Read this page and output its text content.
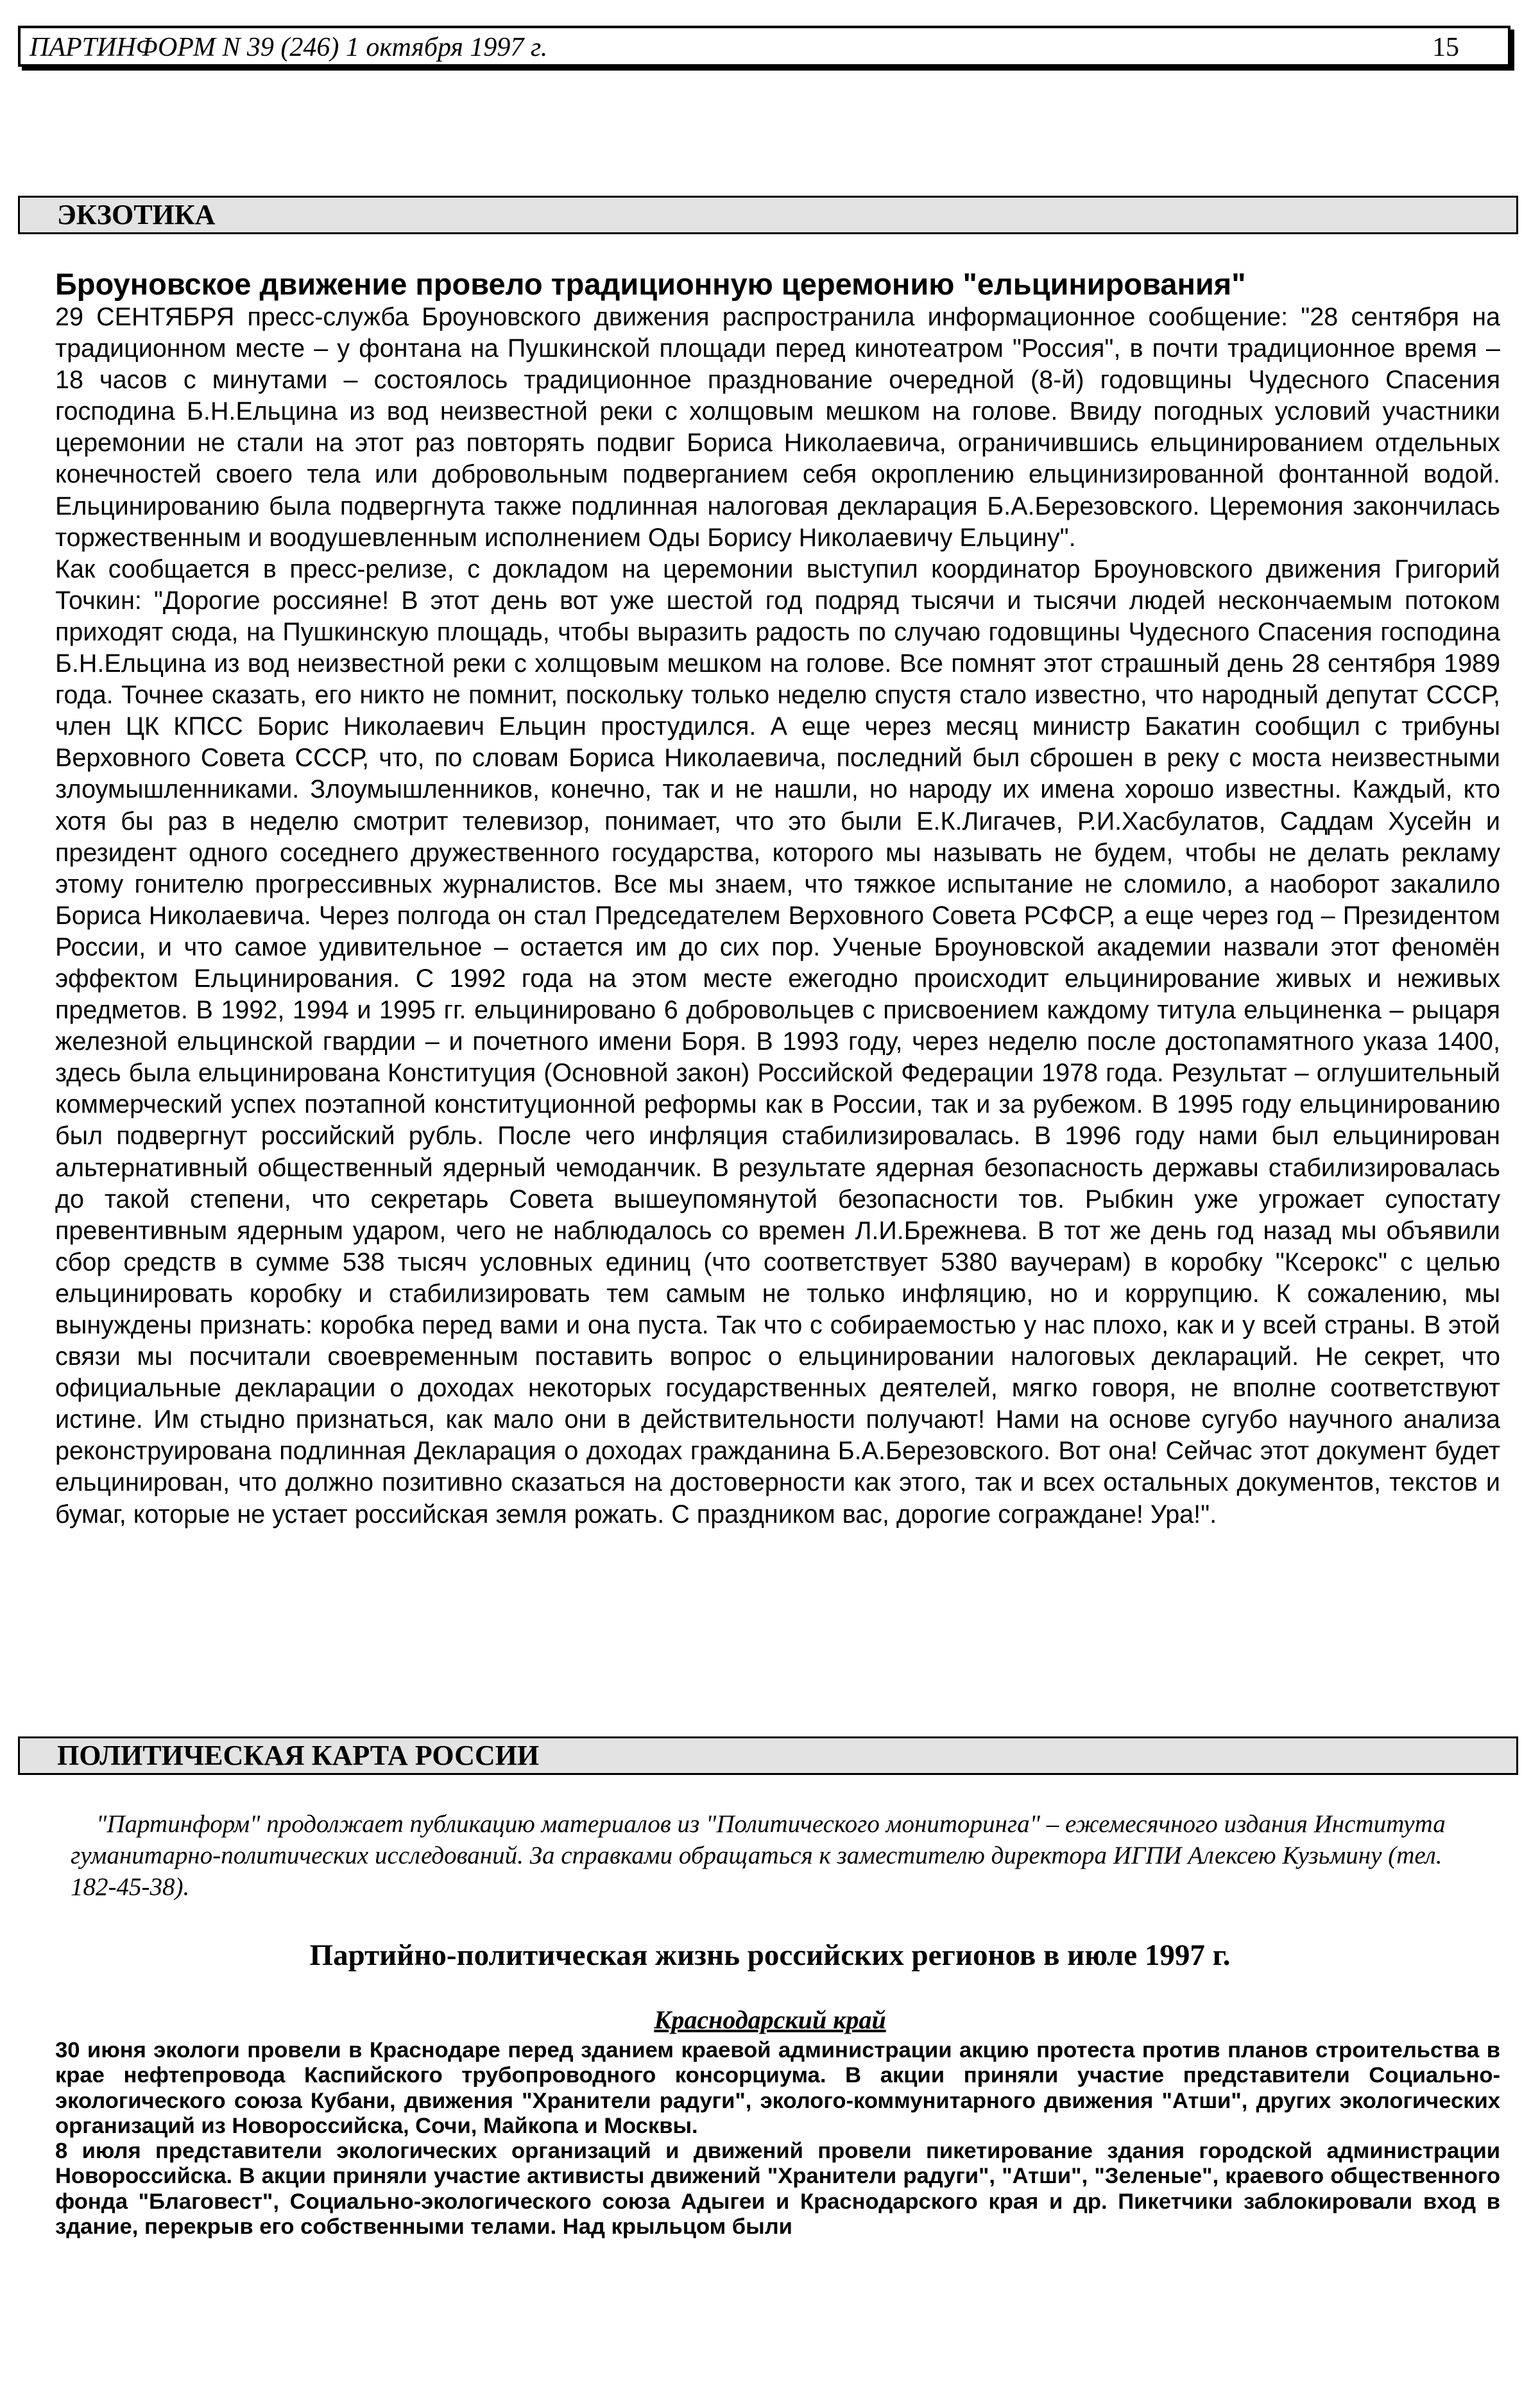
ПАРТИНФОРМ N 39 (246) 1 октября 1997 г.	15
ЭКЗОТИКА
Броуновское движение провело традиционную церемонию "ельцинирования"

29 СЕНТЯБРЯ пресс-служба Броуновского движения распространила информационное сообщение: "28 сентября на традиционном месте – у фонтана на Пушкинской площади перед кинотеатром "Россия", в почти традиционное время – 18 часов с минутами – состоялось традиционное празднование очередной (8-й) годовщины Чудесного Спасения господина Б.Н.Ельцина из вод неизвестной реки с холщовым мешком на голове. Ввиду погодных условий участники церемонии не стали на этот раз повторять подвиг Бориса Николаевича, ограничившись ельцинированием отдельных конечностей своего тела или добровольным подверганием себя окроплению ельцинизированной фонтанной водой. Ельцинированию была подвергнута также подлинная налоговая декларация Б.А.Березовского. Церемония закончилась торжественным и воодушевленным исполнением Оды Борису Николаевичу Ельцину".

Как сообщается в пресс-релизе, с докладом на церемонии выступил координатор Броуновского движения Григорий Точкин: "Дорогие россияне! В этот день вот уже шестой год подряд тысячи и тысячи людей нескончаемым потоком приходят сюда, на Пушкинскую площадь, чтобы выразить радость по случаю годовщины Чудесного Спасения господина Б.Н.Ельцина из вод неизвестной реки с холщовым мешком на голове. Все помнят этот страшный день 28 сентября 1989 года. Точнее сказать, его никто не помнит, поскольку только неделю спустя стало известно, что народный депутат СССР, член ЦК КПСС Борис Николаевич Ельцин простудился. А еще через месяц министр Бакатин сообщил с трибуны Верховного Совета СССР, что, по словам Бориса Николаевича, последний был сброшен в реку с моста неизвестными злоумышленниками. Злоумышленников, конечно, так и не нашли, но народу их имена хорошо известны. Каждый, кто хотя бы раз в неделю смотрит телевизор, понимает, что это были Е.К.Лигачев, Р.И.Хасбулатов, Саддам Хусейн и президент одного соседнего дружественного государства, которого мы называть не будем, чтобы не делать рекламу этому гонителю прогрессивных журналистов. Все мы знаем, что тяжкое испытание не сломило, а наоборот закалило Бориса Николаевича. Через полгода он стал Председателем Верховного Совета РСФСР, а еще через год – Президентом России, и что самое удивительное – остается им до сих пор. Ученые Броуновской академии назвали этот феномён эффектом Ельцинирования. С 1992 года на этом месте ежегодно происходит ельцинирование живых и неживых предметов. В 1992, 1994 и 1995 гг. ельцинировано 6 добровольцев с присвоением каждому титула ельциненка – рыцаря железной ельцинской гвардии – и почетного имени Боря. В 1993 году, через неделю после достопамятного указа 1400, здесь была ельцинирована Конституция (Основной закон) Российской Федерации 1978 года. Результат – оглушительный коммерческий успех поэтапной конституционной реформы как в России, так и за рубежом. В 1995 году ельцинированию был подвергнут российский рубль. После чего инфляция стабилизировалась. В 1996 году нами был ельцинирован альтернативный общественный ядерный чемоданчик. В результате ядерная безопасность державы стабилизировалась до такой степени, что секретарь Совета вышеупомянутой безопасности тов. Рыбкин уже угрожает супостату превентивным ядерным ударом, чего не наблюдалось со времен Л.И.Брежнева. В тот же день год назад мы объявили сбор средств в сумме 538 тысяч условных единиц (что соответствует 5380 ваучерам) в коробку "Ксерокс" с целью ельцинировать коробку и стабилизировать тем самым не только инфляцию, но и коррупцию. К сожалению, мы вынуждены признать: коробка перед вами и она пуста. Так что с собираемостью у нас плохо, как и у всей страны. В этой связи мы посчитали своевременным поставить вопрос о ельцинировании налоговых деклараций. Не секрет, что официальные декларации о доходах некоторых государственных деятелей, мягко говоря, не вполне соответствуют истине. Им стыдно признаться, как мало они в действительности получают! Нами на основе сугубо научного анализа реконструирована подлинная Декларация о доходах гражданина Б.А.Березовского. Вот она! Сейчас этот документ будет ельцинирован, что должно позитивно сказаться на достоверности как этого, так и всех остальных документов, текстов и бумаг, которые не устает российская земля рожать. С праздником вас, дорогие сограждане! Ура!".

ПОЛИТИЧЕСКАЯ КАРТА РОССИИ
"Партинформ" продолжает публикацию материалов из "Политического мониторинга" – ежемесячного издания Института гуманитарно-политических исследований. За справками обращаться к заместителю директора ИГПИ Алексею Кузьмину (тел. 182-45-38).
Партийно-политическая жизнь российских регионов в июле 1997 г.
Краснодарский край

30 июня экологи провели в Краснодаре перед зданием краевой администрации акцию протеста против планов строительства в крае нефтепровода Каспийского трубопроводного консорциума. В акции приняли участие представители Социально-экологического союза Кубани, движения "Хранители радуги", эколого-коммунитарного движения "Атши", других экологических организаций из Новороссийска, Сочи, Майкопа и Москвы.

8 июля представители экологических организаций и движений провели пикетирование здания городской администрации Новороссийска. В акции приняли участие активисты движений "Хранители радуги", "Атши", "Зеленые", краевого общественного фонда "Благовест", Социально-экологического союза Адыгеи и Краснодарского края и др. Пикетчики заблокировали вход в здание, перекрыв его собственными телами. Над крыльцом были
